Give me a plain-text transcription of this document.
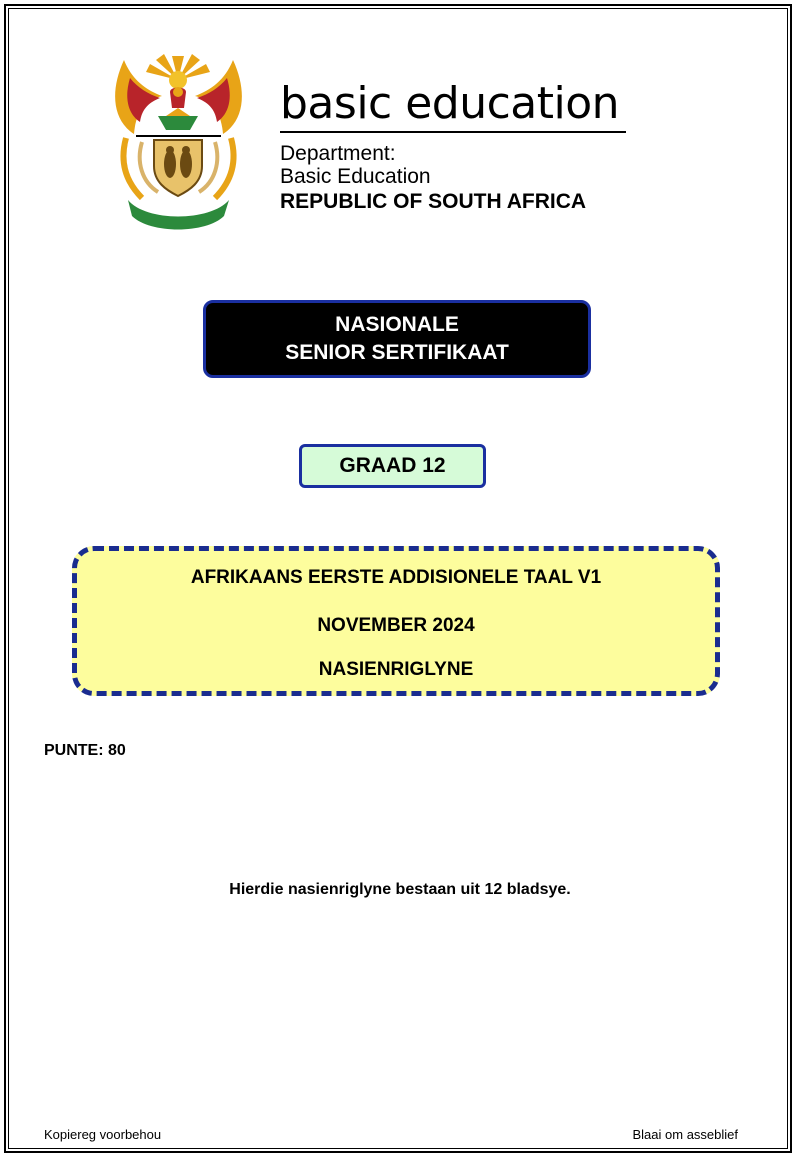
basic education
Department:
Basic Education
REPUBLIC OF SOUTH AFRICA
NASIONALE
SENIOR SERTIFIKAAT
GRAAD 12
AFRIKAANS EERSTE ADDISIONELE TAAL V1
NOVEMBER 2024
NASIENRIGLYNE
PUNTE: 80
Hierdie nasienriglyne bestaan uit 12 bladsye.
Kopiereg voorbehou	Blaai om asseblief
